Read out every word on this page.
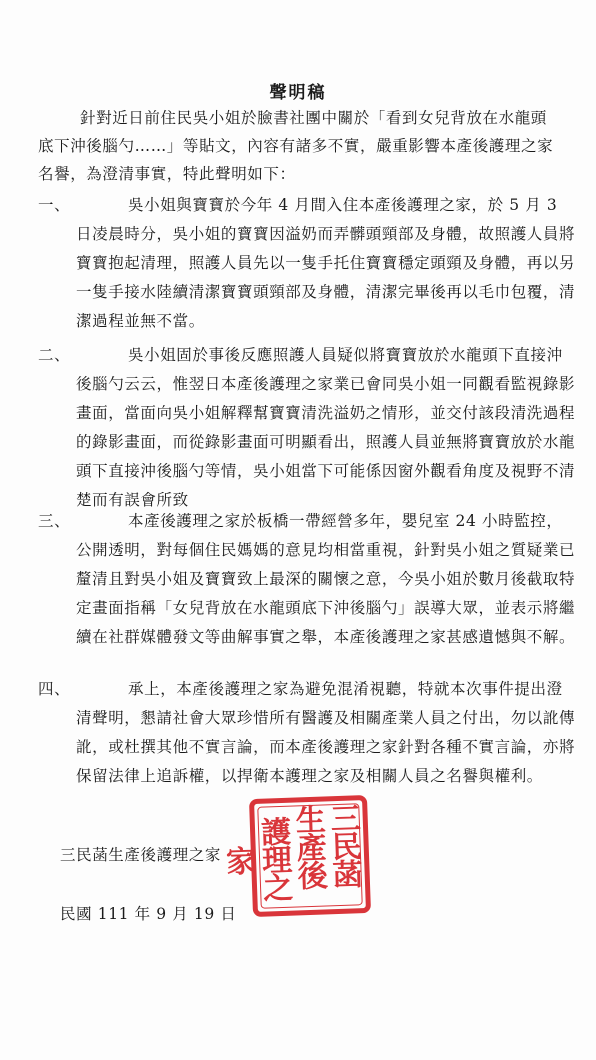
聲明稿
針對近日前住民吳小姐於臉書社團中關於「看到女兒背放在水龍頭底下沖後腦勺……」等貼文，內容有諸多不實，嚴重影響本產後護理之家名譽，為澄清事實，特此聲明如下：
一、	吳小姐與寶寶於今年 4 月間入住本產後護理之家，於 5 月 3 日凌晨時分，吳小姐的寶寶因溢奶而弄髒頭頸部及身體，故照護人員將寶寶抱起清理，照護人員先以一隻手托住寶寶穩定頭頸及身體，再以另一隻手接水陸續清潔寶寶頭頸部及身體，清潔完畢後再以毛巾包覆，清潔過程並無不當。
二、	吳小姐固於事後反應照護人員疑似將寶寶放於水龍頭下直接沖後腦勺云云，惟翌日本產後護理之家業已會同吳小姐一同觀看監視錄影畫面，當面向吳小姐解釋幫寶寶清洗溢奶之情形，並交付該段清洗過程的錄影畫面，而從錄影畫面可明顯看出，照護人員並無將寶寶放於水龍頭下直接沖後腦勺等情，吳小姐當下可能係因窗外觀看角度及視野不清楚而有誤會所致
三、	本產後護理之家於板橋一帶經營多年，嬰兒室 24 小時監控，公開透明，對每個住民媽媽的意見均相當重視，針對吳小姐之質疑業已釐清且對吳小姐及寶寶致上最深的關懷之意，今吳小姐於數月後截取特定畫面指稱「女兒背放在水龍頭底下沖後腦勺」誤導大眾，並表示將繼續在社群媒體發文等曲解事實之舉，本產後護理之家甚感遺憾與不解。
四、	承上，本產後護理之家為避免混淆視聽，特就本次事件提出澄清聲明，懇請社會大眾珍惜所有醫護及相關產業人員之付出，勿以訛傳訛，或杜撰其他不實言論，而本產後護理之家針對各種不實言論，亦將保留法律上追訴權，以捍衛本護理之家及相關人員之名譽與權利。
三民菡生產後護理之家	三民菡
生產後
護理之家
民國 111 年 9 月 19 日
